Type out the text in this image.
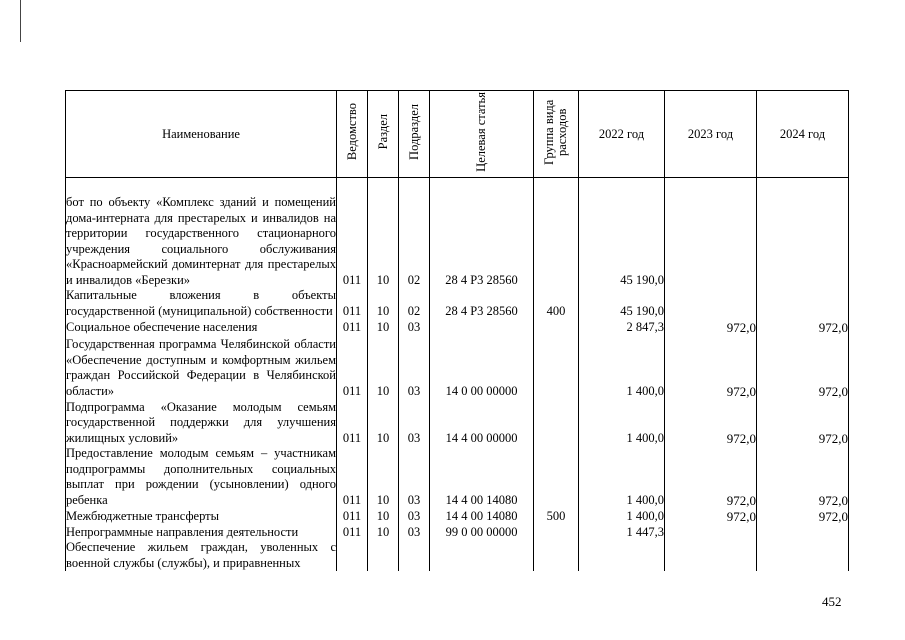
Наименование	Ведомство	Раздел	Подраздел	Целевая статья	Группа вида расходов	2022 год	2023 год	2024 год
бот по объекту «Комплекс зданий и помещений дома-интерната для престарелых и инвалидов на территории государственного стационарного учреждения социального обслуживания «Красноармейский доминтернат для престарелых и инвалидов «Березки»	011	10	02	28 4 P3 28560		45 190,0		
Капитальные вложения в объекты государственной (муниципальной) собственности	011	10	02	28 4 P3 28560	400	45 190,0		
Социальное обеспечение населения	011	10	03			2 847,3	972,0	972,0
Государственная программа Челябинской области «Обеспечение доступным и комфортным жильем граждан Российской Федерации в Челябинской области»	011	10	03	14 0 00 00000		1 400,0	972,0	972,0
Подпрограмма «Оказание молодым семьям государственной поддержки для улучшения жилищных условий»	011	10	03	14 4 00 00000		1 400,0	972,0	972,0
Предоставление молодым семьям – участникам подпрограммы дополнительных социальных выплат при рождении (усыновлении) одного ребенка	011	10	03	14 4 00 14080		1 400,0	972,0	972,0
Межбюджетные трансферты	011	10	03	14 4 00 14080	500	1 400,0	972,0	972,0
Непрограммные направления деятельности	011	10	03	99 0 00 00000		1 447,3		
Обеспечение жильем граждан, уволенных с военной службы (службы), и приравненных								
452
